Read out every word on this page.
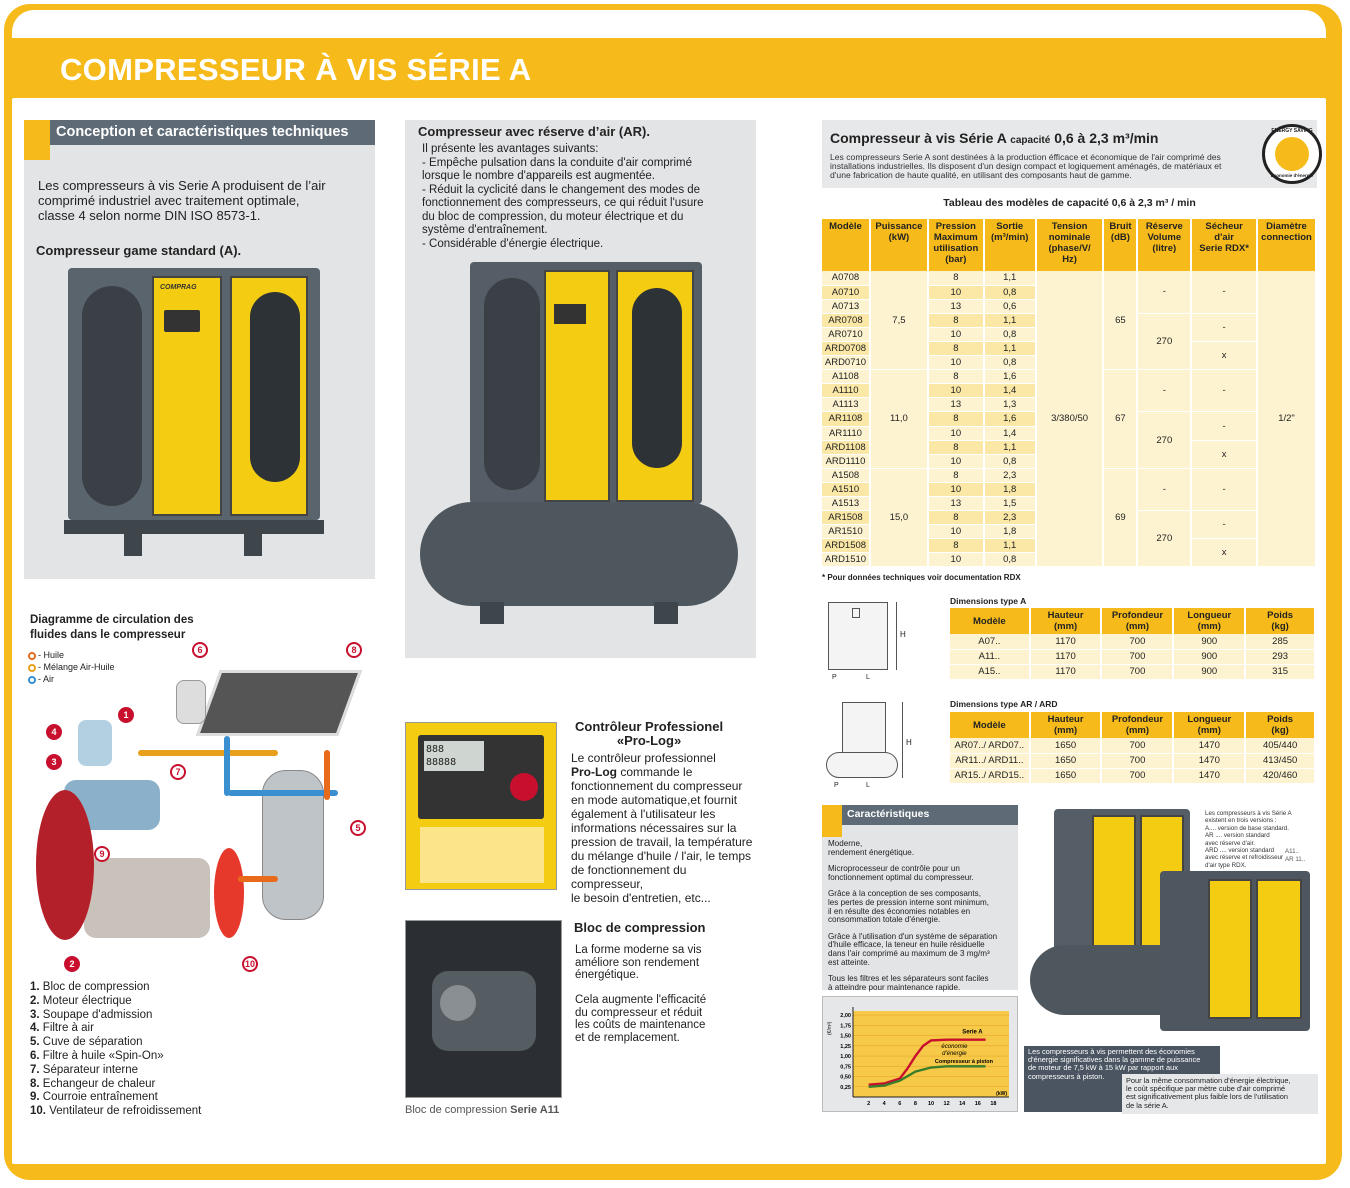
COMPRESSEUR À VIS SÉRIE A
Conception et caractéristiques techniques
Les compresseurs à vis Serie A produisent de l’air
comprimé industriel avec traitement optimale,
classe 4 selon norme DIN ISO 8573-1.
Compresseur game standard (A).
COMPRAG
Compresseur avec réserve d’air (AR).
Il présente les avantages suivants:
- Empêche pulsation dans la conduite d'air comprimé
lorsque le nombre d'appareils est augmentée.
- Réduit la cyclicité dans le changement des modes de
fonctionnement des compresseurs, ce qui réduit l'usure
du bloc de compression, du moteur électrique et du
système d'entraînement.
- Considérable d'énergie électrique.
Diagramme de circulation des
fluides dans le compresseur
- Huile
- Mélange Air-Huile
- Air
1
2
3
4
5
6
7
8
9
10
1. Bloc de compression
2. Moteur électrique
3. Soupape d'admission
4. Filtre à air
5. Cuve de séparation
6. Filtre à huile «Spin-On»
7. Séparateur interne
8. Echangeur de chaleur
9. Courroie entraînement
10. Ventilateur de refroidissement
888
88888
Contrôleur Professionel
«Pro-Log»
Le contrôleur professionnel
Pro-Log commande le
fonctionnement du compresseur
en mode automatique,et fournit
également à l'utilisateur les
informations nécessaires sur la
pression de travail, la température
du mélange d'huile / l'air, le temps
de fonctionnement du compresseur,
le besoin d'entretien, etc...
Bloc de compression
La forme moderne sa vis
améliore son rendement
énergétique.

Cela augmente l'efficacité
du compresseur et réduit
les coûts de maintenance
et de remplacement.
Bloc de compression Serie A11
Compresseur à vis Série A capacité 0,6 à 2,3 m³/min
Les compresseurs Serie A sont destinées à la production éfficace et économique de l'air comprimé des
installations industrielles. Ils disposent d'un design compact et logiquement aménagés, de matériaux et
d'une fabrication de haute qualité, en utilisant des composants haut de gamme.
ENERGY SAVING
Economie d'énergie
Tableau des modèles de capacité 0,6 à 2,3 m³ / min
Modèle	Puissance
(kW)	Pression
Maximum
utilisation
(bar)	Sortie
(m³/min)	Tension
nominale
(phase/V/
Hz)	Bruit
(dB)	Réserve
Volume
(litre)	Sécheur
d'air
Serie RDX*	Diamètre
connection
A0708	7,5	8	1,1	3/380/50	65	-	-	1/2"
A0710		10	0,8					
A0713		13	0,6					
AR0708		8	1,1			270	-	
AR0710		10	0,8					
ARD0708		8	1,1				x	
ARD0710		10	0,8					
A1108	11,0	8	1,6		67	-	-	
A1110		10	1,4					
A1113		13	1,3					
AR1108		8	1,6			270	-	
AR1110		10	1,4					
ARD1108		8	1,1				x	
ARD1110		10	0,8					
A1508	15,0	8	2,3		69	-	-	
A1510		10	1,8					
A1513		13	1,5					
AR1508		8	2,3			270	-	
AR1510		10	1,8					
ARD1508		8	1,1				x	
ARD1510		10	0,8					
* Pour données techniques voir documentation RDX
H
P	L
Dimensions type A
Modèle	Hauteur
(mm)	Profondeur
(mm)	Longueur
(mm)	Poids
(kg)
A07..	1170	700	900	285
A11..	1170	700	900	293
A15..	1170	700	900	315
H
P	L
Dimensions type AR / ARD
Modèle	Hauteur
(mm)	Profondeur
(mm)	Longueur
(mm)	Poids
(kg)
AR07../ ARD07..	1650	700	1470	405/440
AR11../ ARD11..	1650	700	1470	413/450
AR15../ ARD15..	1650	700	1470	420/460
Caractéristiques
Moderne,
rendement énergétique.
Microprocesseur de contrôle pour un
fonctionnement optimal du compresseur.
Grâce à la conception de ses composants,
les pertes de pression interne sont minimum,
il en résulte des économies notables en
consommation totale d'énergie.
Grâce à l'utilisation d'un système de séparation
d'huile efficace, la teneur en huile résiduelle
dans l'air comprimé au maximum de 3 mg/m³
est atteinte.
Tous les filtres et les séparateurs sont faciles
à atteindre pour maintenance rapide.
0,25
0,50
0,75
1,00
1,25
1,50
1,75
2,00
2 4 6 8 10 12 14 16 18
(kW)
(€/m³)	Serie A
Compresseur à piston
économie
d'énergie
Les compresseurs à vis Série A
existent en trois versions :
A.... version de base standard.
AR .... version standard
avec réserve d'air.
ARD .... version standard
avec réserve et refroidisseur
d'air type RDX.
A11..
AR 11..
Les compresseurs à vis permettent des économies
d'énergie significatives dans la gamme de puissance
de moteur de 7,5 kW à 15 kW par rapport aux
compresseurs à piston.	Pour la même consommation d'énergie électrique,
le coût spécifique par mètre cube d'air comprimé
est significativement plus faible lors de l'utilisation
de la série A.
